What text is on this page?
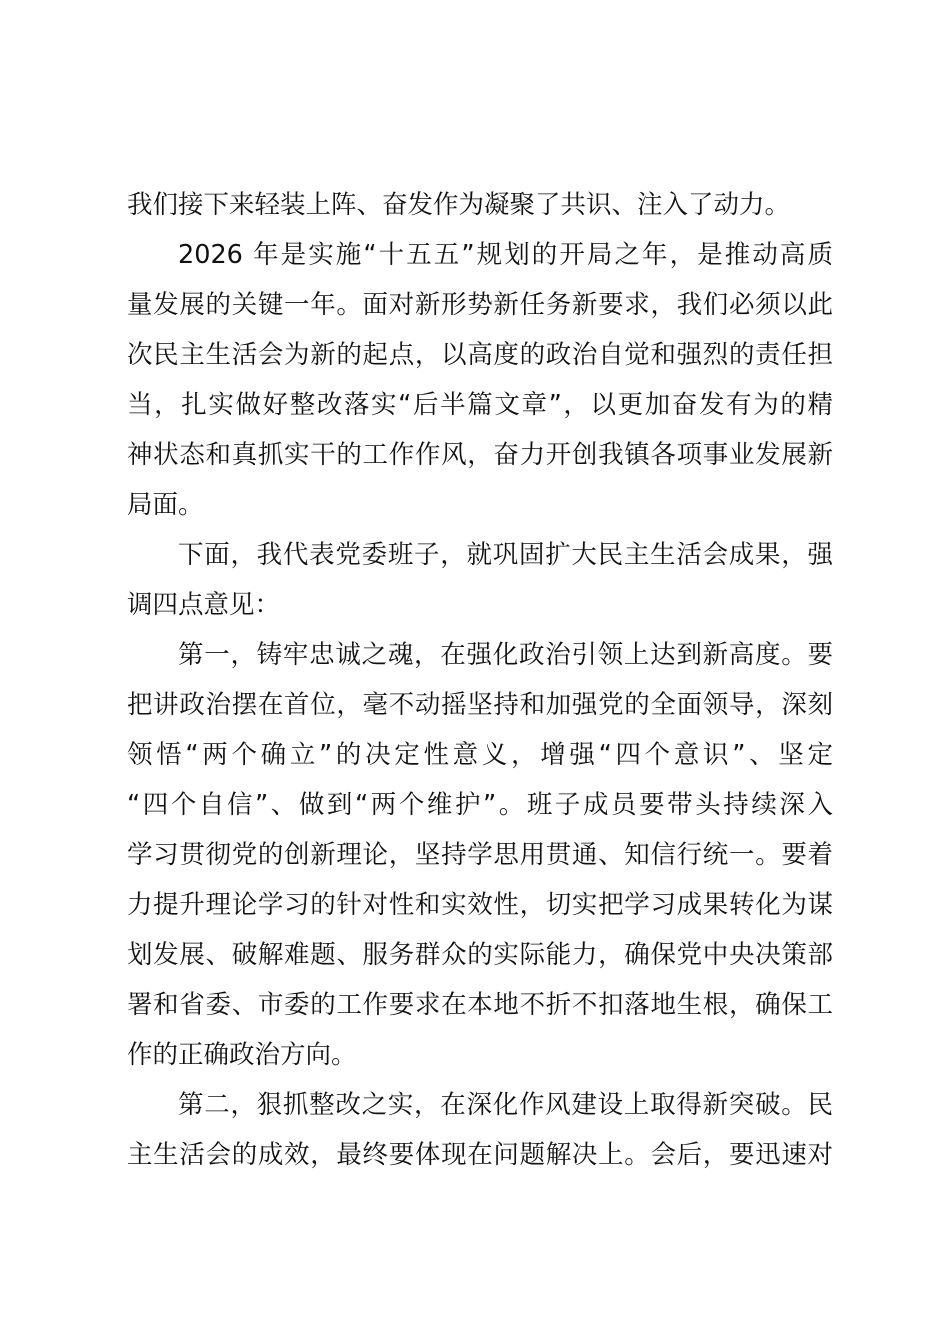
我们接下来轻装上阵、奋发作为凝聚了共识、注入了动力。
2026 年是实施“十五五”规划的开局之年，是推动高质
量发展的关键一年。面对新形势新任务新要求，我们必须以此
次民主生活会为新的起点，以高度的政治自觉和强烈的责任担
当，扎实做好整改落实“后半篇文章”，以更加奋发有为的精
神状态和真抓实干的工作作风，奋力开创我镇各项事业发展新
局面。
下面，我代表党委班子，就巩固扩大民主生活会成果，强
调四点意见：
第一，铸牢忠诚之魂，在强化政治引领上达到新高度。要
把讲政治摆在首位，毫不动摇坚持和加强党的全面领导，深刻
领悟“两个确立”的决定性意义，增强“四个意识”、坚定
“四个自信”、做到“两个维护”。班子成员要带头持续深入
学习贯彻党的创新理论，坚持学思用贯通、知信行统一。要着
力提升理论学习的针对性和实效性，切实把学习成果转化为谋
划发展、破解难题、服务群众的实际能力，确保党中央决策部
署和省委、市委的工作要求在本地不折不扣落地生根，确保工
作的正确政治方向。
第二，狠抓整改之实，在深化作风建设上取得新突破。民
主生活会的成效，最终要体现在问题解决上。会后，要迅速对
